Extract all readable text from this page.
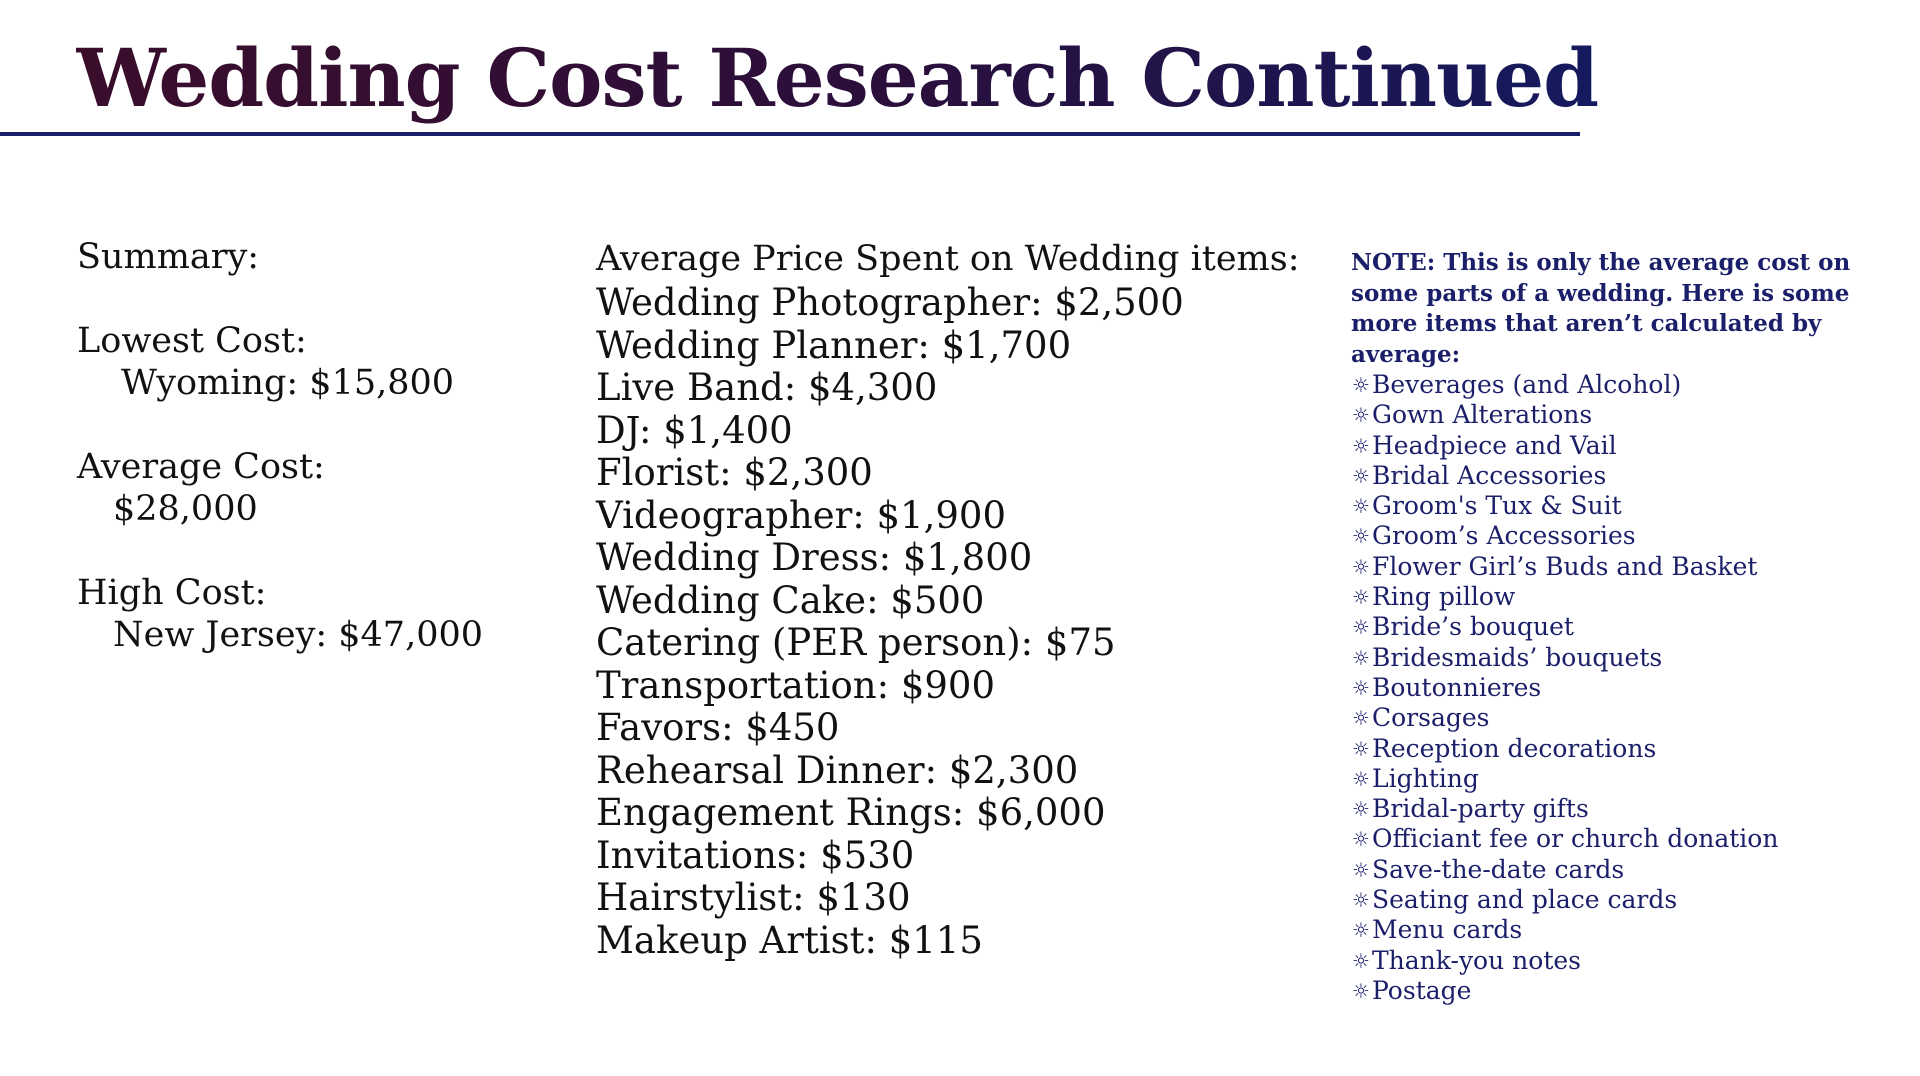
Wedding Cost Research Continued
Summary:
Lowest Cost:
Wyoming: $15,800
Average Cost:
$28,000
High Cost:
New Jersey: $47,000
Average Price Spent on Wedding items:
Wedding Photographer: $2,500
Wedding Planner: $1,700
Live Band: $4,300
DJ: $1,400
Florist: $2,300
Videographer: $1,900
Wedding Dress: $1,800
Wedding Cake: $500
Catering (PER person): $75
Transportation: $900
Favors: $450
Rehearsal Dinner: $2,300
Engagement Rings: $6,000
Invitations: $530
Hairstylist: $130
Makeup Artist: $115

NOTE: This is only the average cost on some parts of a wedding. Here is some more items that aren’t calculated by average:

☼ Beverages (and Alcohol)
☼ Gown Alterations
☼ Headpiece and Vail
☼ Bridal Accessories
☼ Groom's Tux & Suit
☼ Groom’s Accessories
☼ Flower Girl’s Buds and Basket
☼ Ring pillow
☼ Bride’s bouquet
☼ Bridesmaids’ bouquets
☼ Boutonnieres
☼ Corsages
☼ Reception decorations
☼ Lighting
☼ Bridal-party gifts
☼ Officiant fee or church donation
☼ Save-the-date cards
☼ Seating and place cards
☼ Menu cards
☼ Thank-you notes
☼ Postage
